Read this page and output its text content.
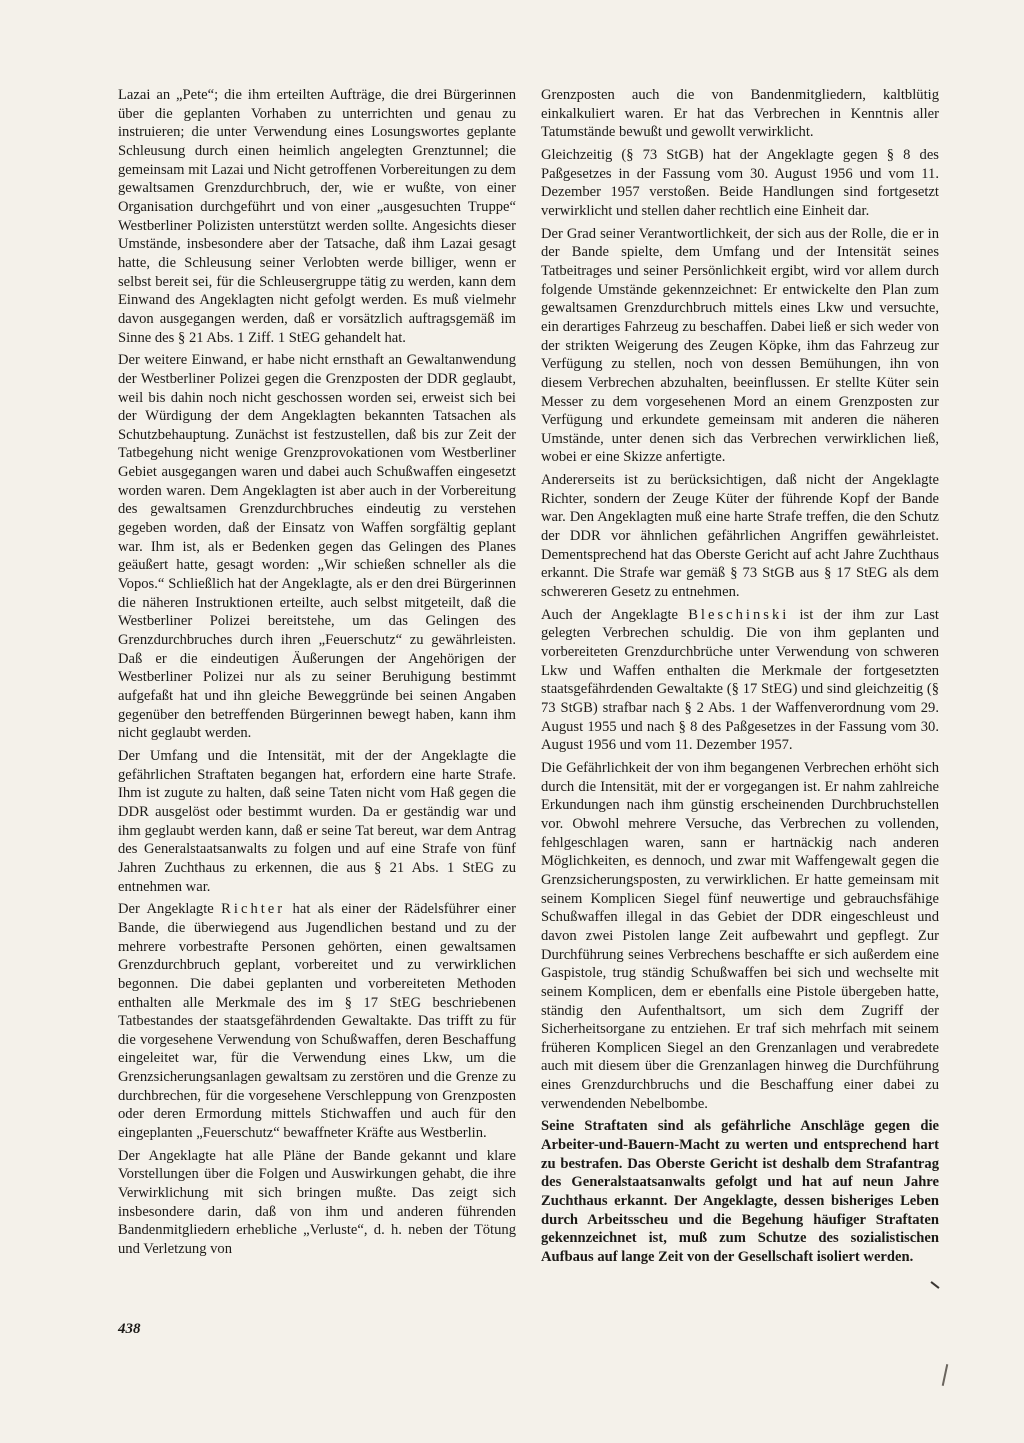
Lazai an „Pete“; die ihm erteilten Aufträge, die drei Bürgerinnen über die geplanten Vorhaben zu unterrichten und genau zu instruieren; die unter Verwendung eines Losungswortes geplante Schleusung durch einen heimlich angelegten Grenztunnel; die gemeinsam mit Lazai und Nicht getroffenen Vorbereitungen zu dem gewaltsamen Grenzdurchbruch, der, wie er wußte, von einer Organisation durchgeführt und von einer „ausgesuchten Truppe“ Westberliner Polizisten unterstützt werden sollte. Angesichts dieser Umstände, insbesondere aber der Tatsache, daß ihm Lazai gesagt hatte, die Schleusung seiner Verlobten werde billiger, wenn er selbst bereit sei, für die Schleusergruppe tätig zu werden, kann dem Einwand des Angeklagten nicht gefolgt werden. Es muß vielmehr davon ausgegangen werden, daß er vorsätzlich auftragsgemäß im Sinne des § 21 Abs. 1 Ziff. 1 StEG gehandelt hat.

Der weitere Einwand, er habe nicht ernsthaft an Gewaltanwendung der Westberliner Polizei gegen die Grenzposten der DDR geglaubt, weil bis dahin noch nicht geschossen worden sei, erweist sich bei der Würdigung der dem Angeklagten bekannten Tatsachen als Schutzbehauptung. Zunächst ist festzustellen, daß bis zur Zeit der Tatbegehung nicht wenige Grenzprovokationen vom Westberliner Gebiet ausgegangen waren und dabei auch Schußwaffen eingesetzt worden waren. Dem Angeklagten ist aber auch in der Vorbereitung des gewaltsamen Grenzdurchbruches eindeutig zu verstehen gegeben worden, daß der Einsatz von Waffen sorgfältig geplant war. Ihm ist, als er Bedenken gegen das Gelingen des Planes geäußert hatte, gesagt worden: „Wir schießen schneller als die Vopos.“ Schließlich hat der Angeklagte, als er den drei Bürgerinnen die näheren Instruktionen erteilte, auch selbst mitgeteilt, daß die Westberliner Polizei bereitstehe, um das Gelingen des Grenzdurchbruches durch ihren „Feuerschutz“ zu gewährleisten. Daß er die eindeutigen Äußerungen der Angehörigen der Westberliner Polizei nur als zu seiner Beruhigung bestimmt aufgefaßt hat und ihn gleiche Beweggründe bei seinen Angaben gegenüber den betreffenden Bürgerinnen bewegt haben, kann ihm nicht geglaubt werden.

Der Umfang und die Intensität, mit der der Angeklagte die gefährlichen Straftaten begangen hat, erfordern eine harte Strafe. Ihm ist zugute zu halten, daß seine Taten nicht vom Haß gegen die DDR ausgelöst oder bestimmt wurden. Da er geständig war und ihm geglaubt werden kann, daß er seine Tat bereut, war dem Antrag des Generalstaatsanwalts zu folgen und auf eine Strafe von fünf Jahren Zuchthaus zu erkennen, die aus § 21 Abs. 1 StEG zu entnehmen war.

Der Angeklagte Richter hat als einer der Rädelsführer einer Bande, die überwiegend aus Jugendlichen bestand und zu der mehrere vorbestrafte Personen gehörten, einen gewaltsamen Grenzdurchbruch geplant, vorbereitet und zu verwirklichen begonnen. Die dabei geplanten und vorbereiteten Methoden enthalten alle Merkmale des im § 17 StEG beschriebenen Tatbestandes der staatsgefährdenden Gewaltakte. Das trifft zu für die vorgesehene Verwendung von Schußwaffen, deren Beschaffung eingeleitet war, für die Verwendung eines Lkw, um die Grenzsicherungsanlagen gewaltsam zu zerstören und die Grenze zu durchbrechen, für die vorgesehene Verschleppung von Grenzposten oder deren Ermordung mittels Stichwaffen und auch für den eingeplanten „Feuerschutz“ bewaffneter Kräfte aus Westberlin.

Der Angeklagte hat alle Pläne der Bande gekannt und klare Vorstellungen über die Folgen und Auswirkungen gehabt, die ihre Verwirklichung mit sich bringen mußte. Das zeigt sich insbesondere darin, daß von ihm und anderen führenden Bandenmitgliedern erhebliche „Verluste“, d. h. neben der Tötung und Verletzung von

Grenzposten auch die von Bandenmitgliedern, kaltblütig einkalkuliert waren. Er hat das Verbrechen in Kenntnis aller Tatumstände bewußt und gewollt verwirklicht.

Gleichzeitig (§ 73 StGB) hat der Angeklagte gegen § 8 des Paßgesetzes in der Fassung vom 30. August 1956 und vom 11. Dezember 1957 verstoßen. Beide Handlungen sind fortgesetzt verwirklicht und stellen daher rechtlich eine Einheit dar.

Der Grad seiner Verantwortlichkeit, der sich aus der Rolle, die er in der Bande spielte, dem Umfang und der Intensität seines Tatbeitrages und seiner Persönlichkeit ergibt, wird vor allem durch folgende Umstände gekennzeichnet: Er entwickelte den Plan zum gewaltsamen Grenzdurchbruch mittels eines Lkw und versuchte, ein derartiges Fahrzeug zu beschaffen. Dabei ließ er sich weder von der strikten Weigerung des Zeugen Köpke, ihm das Fahrzeug zur Verfügung zu stellen, noch von dessen Bemühungen, ihn von diesem Verbrechen abzuhalten, beeinflussen. Er stellte Küter sein Messer zu dem vorgesehenen Mord an einem Grenzposten zur Verfügung und erkundete gemeinsam mit anderen die näheren Umstände, unter denen sich das Verbrechen verwirklichen ließ, wobei er eine Skizze anfertigte.

Andererseits ist zu berücksichtigen, daß nicht der Angeklagte Richter, sondern der Zeuge Küter der führende Kopf der Bande war. Den Angeklagten muß eine harte Strafe treffen, die den Schutz der DDR vor ähnlichen gefährlichen Angriffen gewährleistet. Dementsprechend hat das Oberste Gericht auf acht Jahre Zuchthaus erkannt. Die Strafe war gemäß § 73 StGB aus § 17 StEG als dem schwereren Gesetz zu entnehmen.

Auch der Angeklagte Bleschinski ist der ihm zur Last gelegten Verbrechen schuldig. Die von ihm geplanten und vorbereiteten Grenzdurchbrüche unter Verwendung von schweren Lkw und Waffen enthalten die Merkmale der fortgesetzten staatsgefährdenden Gewaltakte (§ 17 StEG) und sind gleichzeitig (§ 73 StGB) strafbar nach § 2 Abs. 1 der Waffenverordnung vom 29. August 1955 und nach § 8 des Paßgesetzes in der Fassung vom 30. August 1956 und vom 11. Dezember 1957.

Die Gefährlichkeit der von ihm begangenen Verbrechen erhöht sich durch die Intensität, mit der er vorgegangen ist. Er nahm zahlreiche Erkundungen nach ihm günstig erscheinenden Durchbruchstellen vor. Obwohl mehrere Versuche, das Verbrechen zu vollenden, fehlgeschlagen waren, sann er hartnäckig nach anderen Möglichkeiten, es dennoch, und zwar mit Waffengewalt gegen die Grenzsicherungsposten, zu verwirklichen. Er hatte gemeinsam mit seinem Komplicen Siegel fünf neuwertige und gebrauchsfähige Schußwaffen illegal in das Gebiet der DDR eingeschleust und davon zwei Pistolen lange Zeit aufbewahrt und gepflegt. Zur Durchführung seines Verbrechens beschaffte er sich außerdem eine Gaspistole, trug ständig Schußwaffen bei sich und wechselte mit seinem Komplicen, dem er ebenfalls eine Pistole übergeben hatte, ständig den Aufenthaltsort, um sich dem Zugriff der Sicherheitsorgane zu entziehen. Er traf sich mehrfach mit seinem früheren Komplicen Siegel an den Grenzanlagen und verabredete auch mit diesem über die Grenzanlagen hinweg die Durchführung eines Grenzdurchbruchs und die Beschaffung einer dabei zu verwendenden Nebelbombe.

Seine Straftaten sind als gefährliche Anschläge gegen die Arbeiter-und-Bauern-Macht zu werten und entsprechend hart zu bestrafen. Das Oberste Gericht ist deshalb dem Strafantrag des Generalstaatsanwalts gefolgt und hat auf neun Jahre Zuchthaus erkannt. Der Angeklagte, dessen bisheriges Leben durch Arbeitsscheu und die Begehung häufiger Straftaten gekennzeichnet ist, muß zum Schutze des sozialistischen Aufbaus auf lange Zeit von der Gesellschaft isoliert werden.

438
